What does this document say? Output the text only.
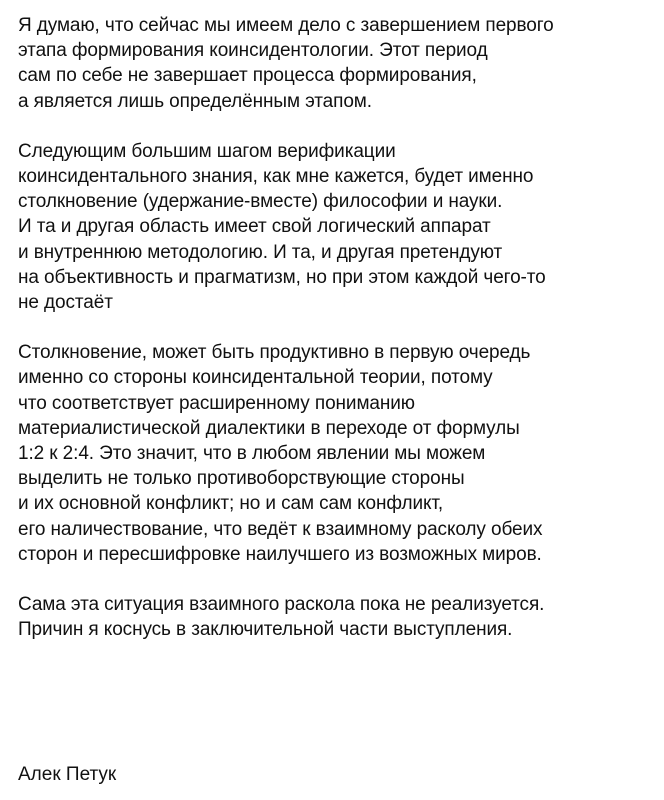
Я думаю, что сейчас мы имеем дело с завершением первого
этапа формирования коинсидентологии. Этот период
сам по себе не завершает процесса формирования,
а является лишь определённым этапом.

Следующим большим шагом верификации
коинсидентального знания, как мне кажется, будет именно
столкновение (удержание-вместе) философии и науки.
И та и другая область имеет свой логический аппарат
и внутреннюю методологию. И та, и другая претендуют
на объективность и прагматизм, но при этом каждой чего-то
не достаёт

Столкновение, может быть продуктивно в первую очередь
именно со стороны коинсидентальной теории, потому
что соответствует расширенному пониманию
материалистической диалектики в переходе от формулы
1:2 к 2:4. Это значит, что в любом явлении мы можем
выделить не только противоборствующие стороны
и их основной конфликт; но и сам сам конфликт,
его наличествование, что ведёт к взаимному расколу обеих
сторон и пересшифровке наилучшего из возможных миров.

Сама эта ситуация взаимного раскола пока не реализуется.
Причин я коснусь в заключительной части выступления.

Алек Петук
